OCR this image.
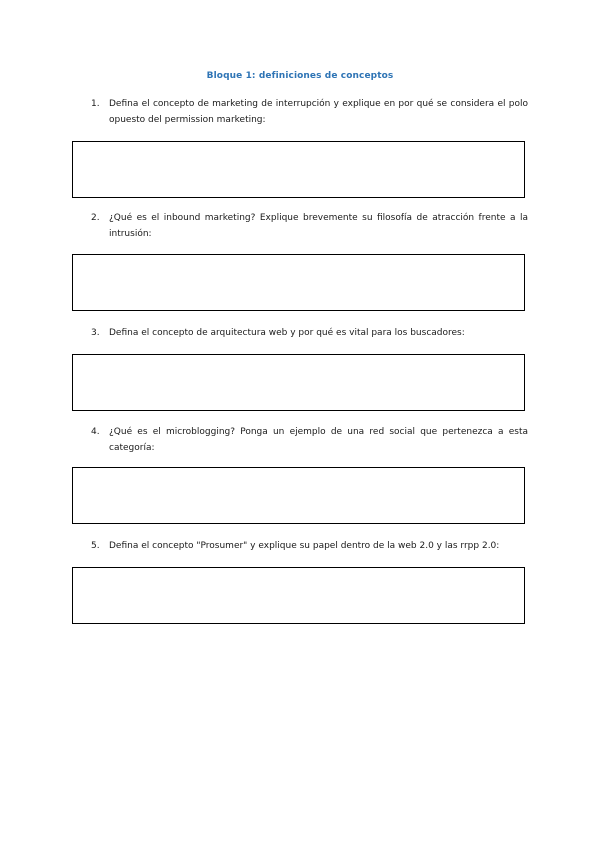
Bloque 1: definiciones de conceptos
1.	Defina el concepto de marketing de interrupción y explique en por qué se considera el polo opuesto del permission marketing:
2.	¿Qué es el inbound marketing? Explique brevemente su filosofía de atracción frente a la intrusión:
3.	Defina el concepto de arquitectura web y por qué es vital para los buscadores:
4.	¿Qué es el microblogging? Ponga un ejemplo de una red social que pertenezca a esta categoría:
5.	Defina el concepto "Prosumer" y explique su papel dentro de la web 2.0 y las rrpp 2.0:
